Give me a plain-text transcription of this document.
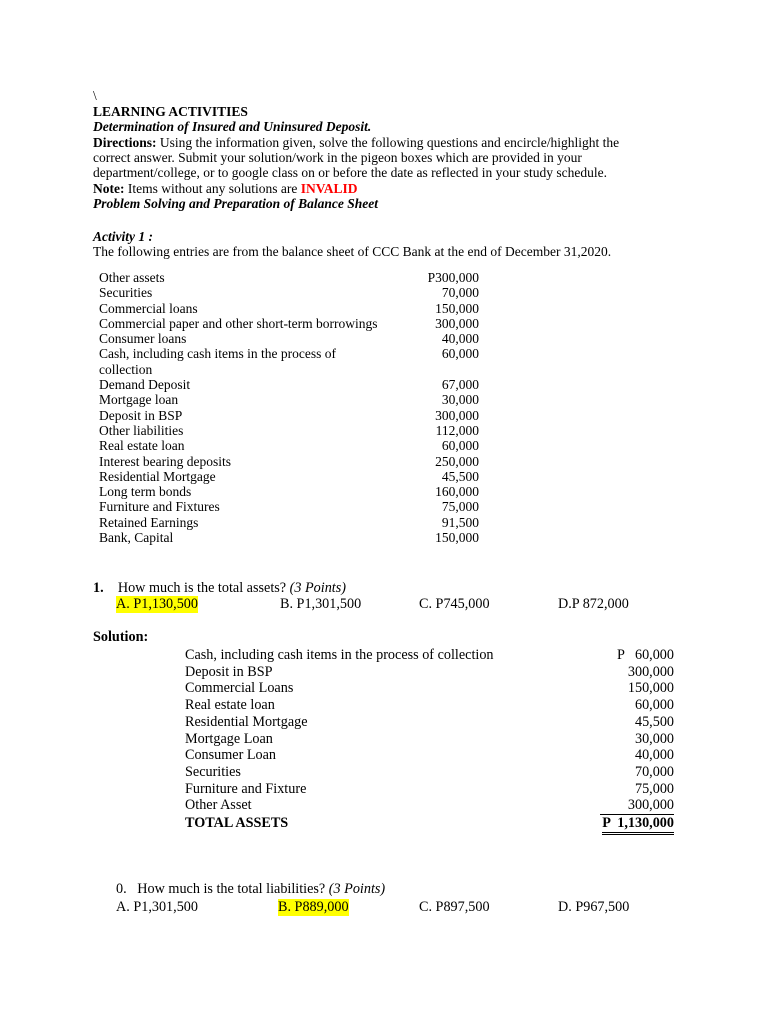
\
LEARNING ACTIVITIES
Determination of Insured and Uninsured Deposit.
Directions: Using the information given, solve the following questions and encircle/highlight the
correct answer. Submit your solution/work in the pigeon boxes which are provided in your
department/college, or to google class on or before the date as reflected in your study schedule.
Note: Items without any solutions are INVALID
Problem Solving and Preparation of Balance Sheet
Activity 1 :
The following entries are from the balance sheet of CCC Bank at the end of December 31,2020.
Other assets	P300,000
Securities	70,000
Commercial loans	150,000
Commercial paper and other short-term borrowings	300,000
Consumer loans	40,000
Cash, including cash items in the process of	60,000
collection
Demand Deposit	67,000
Mortgage loan	30,000
Deposit in BSP	300,000
Other liabilities	112,000
Real estate loan	60,000
Interest bearing deposits	250,000
Residential Mortgage	45,500
Long term bonds	160,000
Furniture and Fixtures	75,000
Retained Earnings	91,500
Bank, Capital	150,000
1. How much is the total assets? (3 Points)
A. P1,130,500	B. P1,301,500	C. P745,000	D.P 872,000
Solution:
Cash, including cash items in the process of collection	P   60,000
Deposit in BSP	300,000
Commercial Loans	150,000
Real estate loan	60,000
Residential Mortgage	45,500
Mortgage Loan	30,000
Consumer Loan	40,000
Securities	70,000
Furniture and Fixture	75,000
Other Asset	300,000
TOTAL ASSETS	P  1,130,000
0. How much is the total liabilities? (3 Points)
A. P1,301,500	B. P889,000	C. P897,500	D. P967,500
